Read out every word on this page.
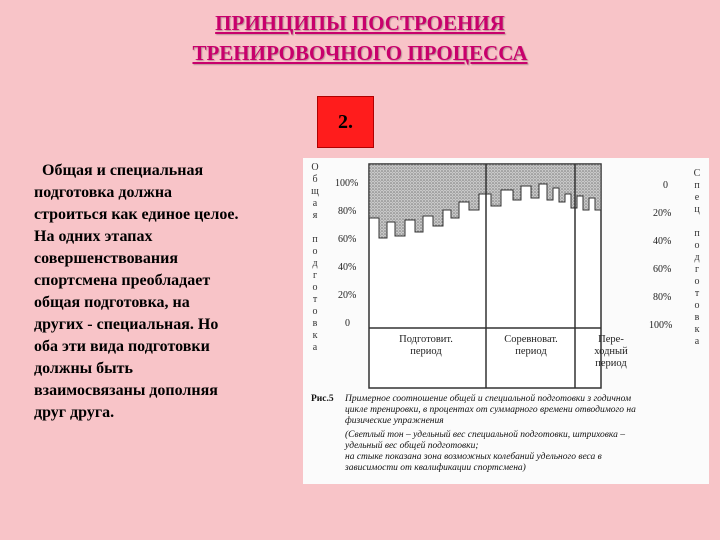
ПРИНЦИПЫ ПОСТРОЕНИЯ
ТРЕНИРОВОЧНОГО ПРОЦЕССА
2.
Общая и специальная
подготовка должна
строиться как единое целое.
На одних этапах
совершенствования
спортсмена преобладает
общая подготовка, на
других - специальная. Но
оба эти вида подготовки
должны быть
взаимосвязаны дополняя
друг друга.
100%
80%
60%
40%
20%
0
0
20%
40%
60%
80%
100%
О
б
щ
а
я
п
о
д
г
о
т
о
в
к
а
С
п
е
ц
п
о
д
г
о
т
о
в
к
а
Подготовит. период
Соревноват. период
Пере- ходный период
Рис.5 Примерное соотношение общей и специальной подготовки з годичном
цикле тренировки, в процентах от суммарного времени отводимого на
физические упражнения
(Светлый тон – удельный вес специальной подготовки, штриховка –
удельный вес общей подготовки;
на стыке показана зона возможных колебаний удельного веса в
зависимости от квалификации спортсмена)
